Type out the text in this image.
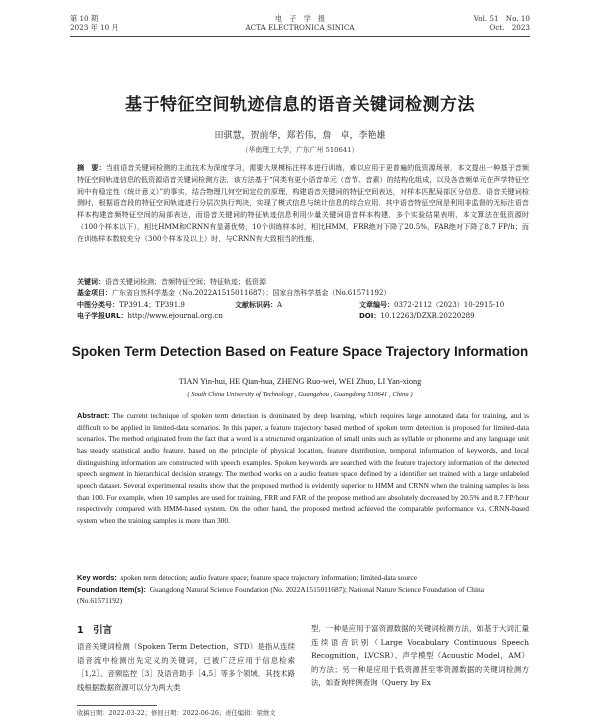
第 10 期
2023 年 10 月
电　子　学　报
ACTA ELECTRONICA SINICA
Vol. 51　No. 10
Oct.　2023
基于特征空间轨迹信息的语音关键词检测方法
田骐慧，贺前华，郑若伟，詹　卓，李艳雄
（华南理工大学，广东广州 510641）
摘　要：当前语音关键词检测的主流技术为深度学习，需要大规模标注样本进行训练，难以应用于更普遍的低资源场景．本文提出一种基于音频特征空间轨迹信息的低资源语音关键词检测方法，该方法基于“同类有更小语音单元（音节、音素）的结构化组成，以及各音频单元在声学特征空间中有稳定性（统计意义）”的事实，结合物理几何空间定位的原理，构建语音关键词的特征空间表达，对样本匹配局部区分信息．语音关键词检测时，根据语音段的特征空间轨迹进行分层次执行判决，实现了模式信息与统计信息的综合应用．其中语音特征空间是利用非监督的无标注语音样本构建音频特征空间的局部表达，而语音关键词的特征轨迹信息利用少量关键词语音样本构建．多个实验结果表明，本文算法在低资源时（100个样本以下），相比HMM和CRNN有显著优势，10个训练样本时，相比HMM，FRR绝对下降了20.5%，FAR绝对下降了8.7 FP/h；而在训练样本数较充分（300个样本及以上）时，与CRNN有大致相当的性能．
关键词： 语音关键词检测；音频特征空间；特征轨迹；低资源
基金项目： 广东省自然科学基金（No.2022A1515011687）；国家自然科学基金（No.61571192）
中图分类号：TP391.4；TP391.9	文献标识码：A	文章编号：0372-2112（2023）10-2915-10
电子学报URL：http://www.ejournal.org.cn	DOI：10.12263/DZXB.20220289
Spoken Term Detection Based on Feature Space Trajectory Information
TIAN Yin-hui, HE Qian-hua, ZHENG Ruo-wei, WEI Zhuo, LI Yan-xiong
( South China University of Technology , Guangzhou , Guangdong 510641 , China )
Abstract: The current technique of spoken term detection is dominated by deep learning, which requires large annotated data for training, and is difficult to be applied in limited-data scenarios. In this paper, a feature trajectory based method of spoken term detection is proposed for limited-data scenarios. The method originated from the fact that a word is a structured organization of small units such as syllable or phoneme and any language unit has steady statistical audio feature. based on the principle of physical location, feature distribution, temporal information of keywords, and local distinguishing information are constructed with speech examples. Spoken keywords are searched with the feature trajectory information of the detected speech segment in hierarchical decision strategy. The method works on a audio feature space defined by a identifier set trained with a large unlabeled speech dataset. Several experimental results show that the proposed method is evidently superior to HMM and CRNN when the training samples is less than 100. For example, when 10 samples are used for training, FRR and FAR of the propose method are absolutely decreased by 20.5% and 8.7 FP/hour respectively compared with HMM-based system. On the other hand, the proposed method achieved the comparable performance v.s. CRNN-based system when the training samples is more than 300.
Key words: spoken term detection; audio feature space; feature space trajectory information; limited-data source
Foundation Item(s): Guangdong Natural Science Foundation (No. 2022A1515011687); National Nature Science Foundation of China (No.61571192)
1　引言
语音关键词检测（Spoken Term Detection，STD）是指从连续语音流中检测出先定义的关键词，已被广泛应用于信息检索［1,2］、音频监控［3］及语音助手［4,5］等多个领域．其技术路线根据数据资源可以分为两大类
型．一种是应用于富资源数据的关键词检测方法，如基于大词汇量连续语音识别（Large Vocabulary Continuous Speech Recognition，LVCSR）、声学模型（Acoustic Model，AM）的方法；另一种是应用于低资源甚至零资源数据的关键词检测方法，如查询样例查询（Query by Ex
收稿日期：2022-03-22；修回日期：2022-06-26；责任编辑：梁维文
